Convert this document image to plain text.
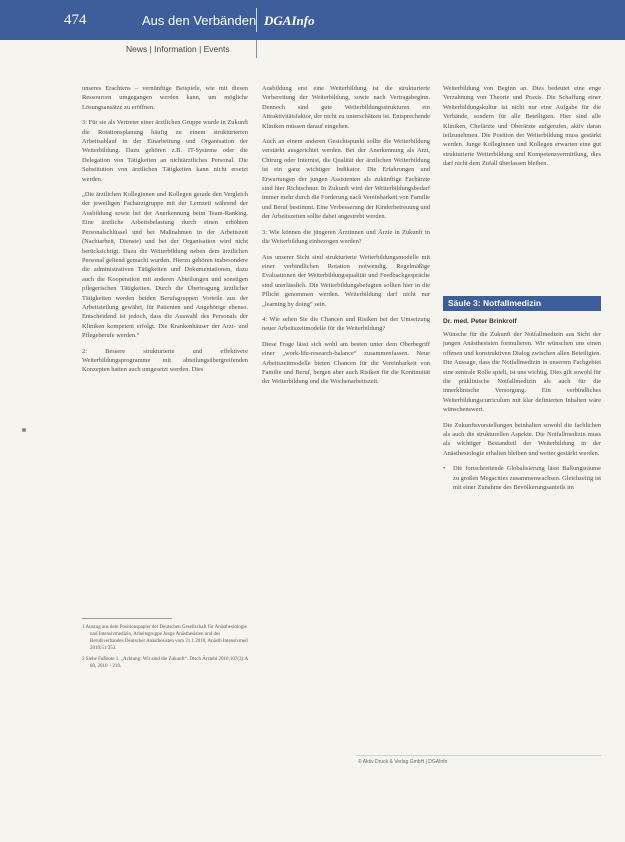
474	Aus den Verbänden DGAInfo
News | Information | Events

unseres Erachtens – vernünftige Beispiele, wie mit diesen Ressourcen umgegangen werden kann, um mögliche Lösungsansätze zu eröffnen.

3: Für sie als Vertreter einer ärztlichen Gruppe wurde in Zukunft die Rotationsplanung häufig zu einem strukturierten Arbeitsablauf in der Einarbeitung und Organisation der Weiterbildung. Dazu gehören z.B. IT-Systeme oder die Delegation von Tätigkeiten an nichtärztliches Personal. Die Substitution von ärztlichen Tätigkeiten kann nicht ersetzt werden.

„Die ärztlichen Kolleginnen und Kollegen gerade den Vergleich der jeweiligen Facharztgruppe mit der Lernzeit während der Ausbildung sowie bei der Anerkennung beim Team-Ranking. Eine ärztliche Arbeitsbelastung durch einen erhöhten Personalschlüssel und bei Maßnahmen in der Arbeitszeit (Nachtarbeit, Dienste) und bei der Organisation wird nicht berücksichtigt. Dazu die Weiterbildung neben dem ärztlichen Personal geltend gemacht wurden. Hierzu gehören insbesondere die administrativen Tätigkeiten und Dokumentationen, dazu auch die Kooperation mit anderen Abteilungen und sonstigen pflegerischen Tätigkeiten. Durch die Übertragung ärztlicher Tätigkeiten werden beiden Berufsgruppen Vorteile aus der Arbeitsteilung gewährt, für Patienten und Angehörige ebenso. Entscheidend ist jedoch, dass die Auswahl des Personals der Kliniken kompetent erfolgt. Die Krankenhäuser der Arzt- und Pflegeberufe werden.“

2: Bessere strukturierte und effektivere Weiterbildungsprogramme mit abteilungsübergreifenden Konzepten hatten auch umgesetzt werden. Dies

1 Auszug aus dem Positionspapier der Deutschen Gesellschaft für Anästhesiologie und Intensivmedizin, Arbeitsgruppe Junge Anästhesisten und des Berufsverbandes Deutscher Anästhesisten vom 31.1.2010, Anästh Intensivmed 2010;51:353.
2 Siehe Fußnote 1. „Achtung: Wir sind die Zukunft“. Dtsch Ärztebl 2010;107(3):A 80, 2010 – 210.

Ausbildung erst eine Weiterbildung ist die strukturierte Vorbereitung der Weiterbildung, sowie nach Vertragsbeginn. Dennoch sind gute Weiterbildungsstrukturen ein Attraktivitätsfaktor, der nicht zu unterschätzen ist. Entsprechende Kliniken müssen darauf eingehen.

Auch an einem anderen Gesichtspunkt sollte die Weiterbildung verstärkt ausgerichtet werden. Bei der Anerkennung als Arzt, Chirurg oder Internist, die Qualität der ärztlichen Weiterbildung ist ein ganz wichtiger Indikator. Die Erfahrungen und Erwartungen der jungen Assistenten als zukünftige Fachärzte sind hier Richtschnur. In Zukunft wird der Weiterbildungsbedarf immer mehr durch die Forderung nach Vereinbarkeit von Familie und Beruf bestimmt. Eine Verbesserung der Kinderbetreuung und der Arbeitszeiten sollte dabei angestrebt werden.

3: Wie können die jüngeren Ärztinnen und Ärzte in Zukunft in die Weiterbildung einbezogen werden?

Aus unserer Sicht sind strukturierte Weiterbildungsmodelle mit einer verbindlichen Rotation notwendig. Regelmäßige Evaluationen der Weiterbildungsqualität und Feedbackgespräche sind unerlässlich. Die Weiterbildungsbefugten sollten hier in die Pflicht genommen werden. Weiterbildung darf nicht nur „learning by doing“ sein.

4: Wie sehen Sie die Chancen und Risiken bei der Umsetzung neuer Arbeitszeitmodelle für die Weiterbildung?

Diese Frage lässt sich wohl am besten unter dem Oberbegriff einer „work-life-research-balance“ zusammenfassen. Neue Arbeitszeitmodelle bieten Chancen für die Vereinbarkeit von Familie und Beruf, bergen aber auch Risiken für die Kontinuität der Weiterbildung und die Wochenarbeitszeit.

Weiterbildung von Beginn an. Dies bedeutet eine enge Verzahnung von Theorie und Praxis. Die Schaffung einer Weiterbildungskultur ist nicht nur eine Aufgabe für die Verbände, sondern für alle Beteiligten. Hier sind alle Kliniken, Chefärzte und Oberärzte aufgerufen, aktiv daran teilzunehmen. Die Position der Weiterbildung muss gestärkt werden. Junge Kolleginnen und Kollegen erwarten eine gut strukturierte Weiterbildung und Kompetenzvermittlung, dies darf nicht dem Zufall überlassen bleiben.

Säule 3: Notfallmedizin
Dr. med. Peter Brinkrolf

Wünsche für die Zukunft der Notfallmedizin aus Sicht der jungen Anästhesisten formulieren. Wir wünschen uns einen offenen und konstruktiven Dialog zwischen allen Beteiligten. Die Aussage, dass die Notfallmedizin in unserem Fachgebiet eine zentrale Rolle spielt, ist uns wichtig. Dies gilt sowohl für die präklinische Notfallmedizin als auch für die innerklinische Versorgung. Ein verbindliches Weiterbildungscurriculum mit klar definierten Inhalten wäre wünschenswert.

Die Zukunftsvorstellungen beinhalten sowohl die fachlichen als auch die strukturellen Aspekte. Die Notfallmedizin muss als wichtiger Bestandteil der Weiterbildung in der Anästhesiologie erhalten bleiben und weiter gestärkt werden.

• Die fortschreitende Globalisierung lässt Ballungsräume zu großen Megacities zusammenwachsen. Gleichzeitig ist mit einer Zunahme des Bevölkerungsanteils im

© Aktiv Druck & Verlag GmbH | DGAInfo
